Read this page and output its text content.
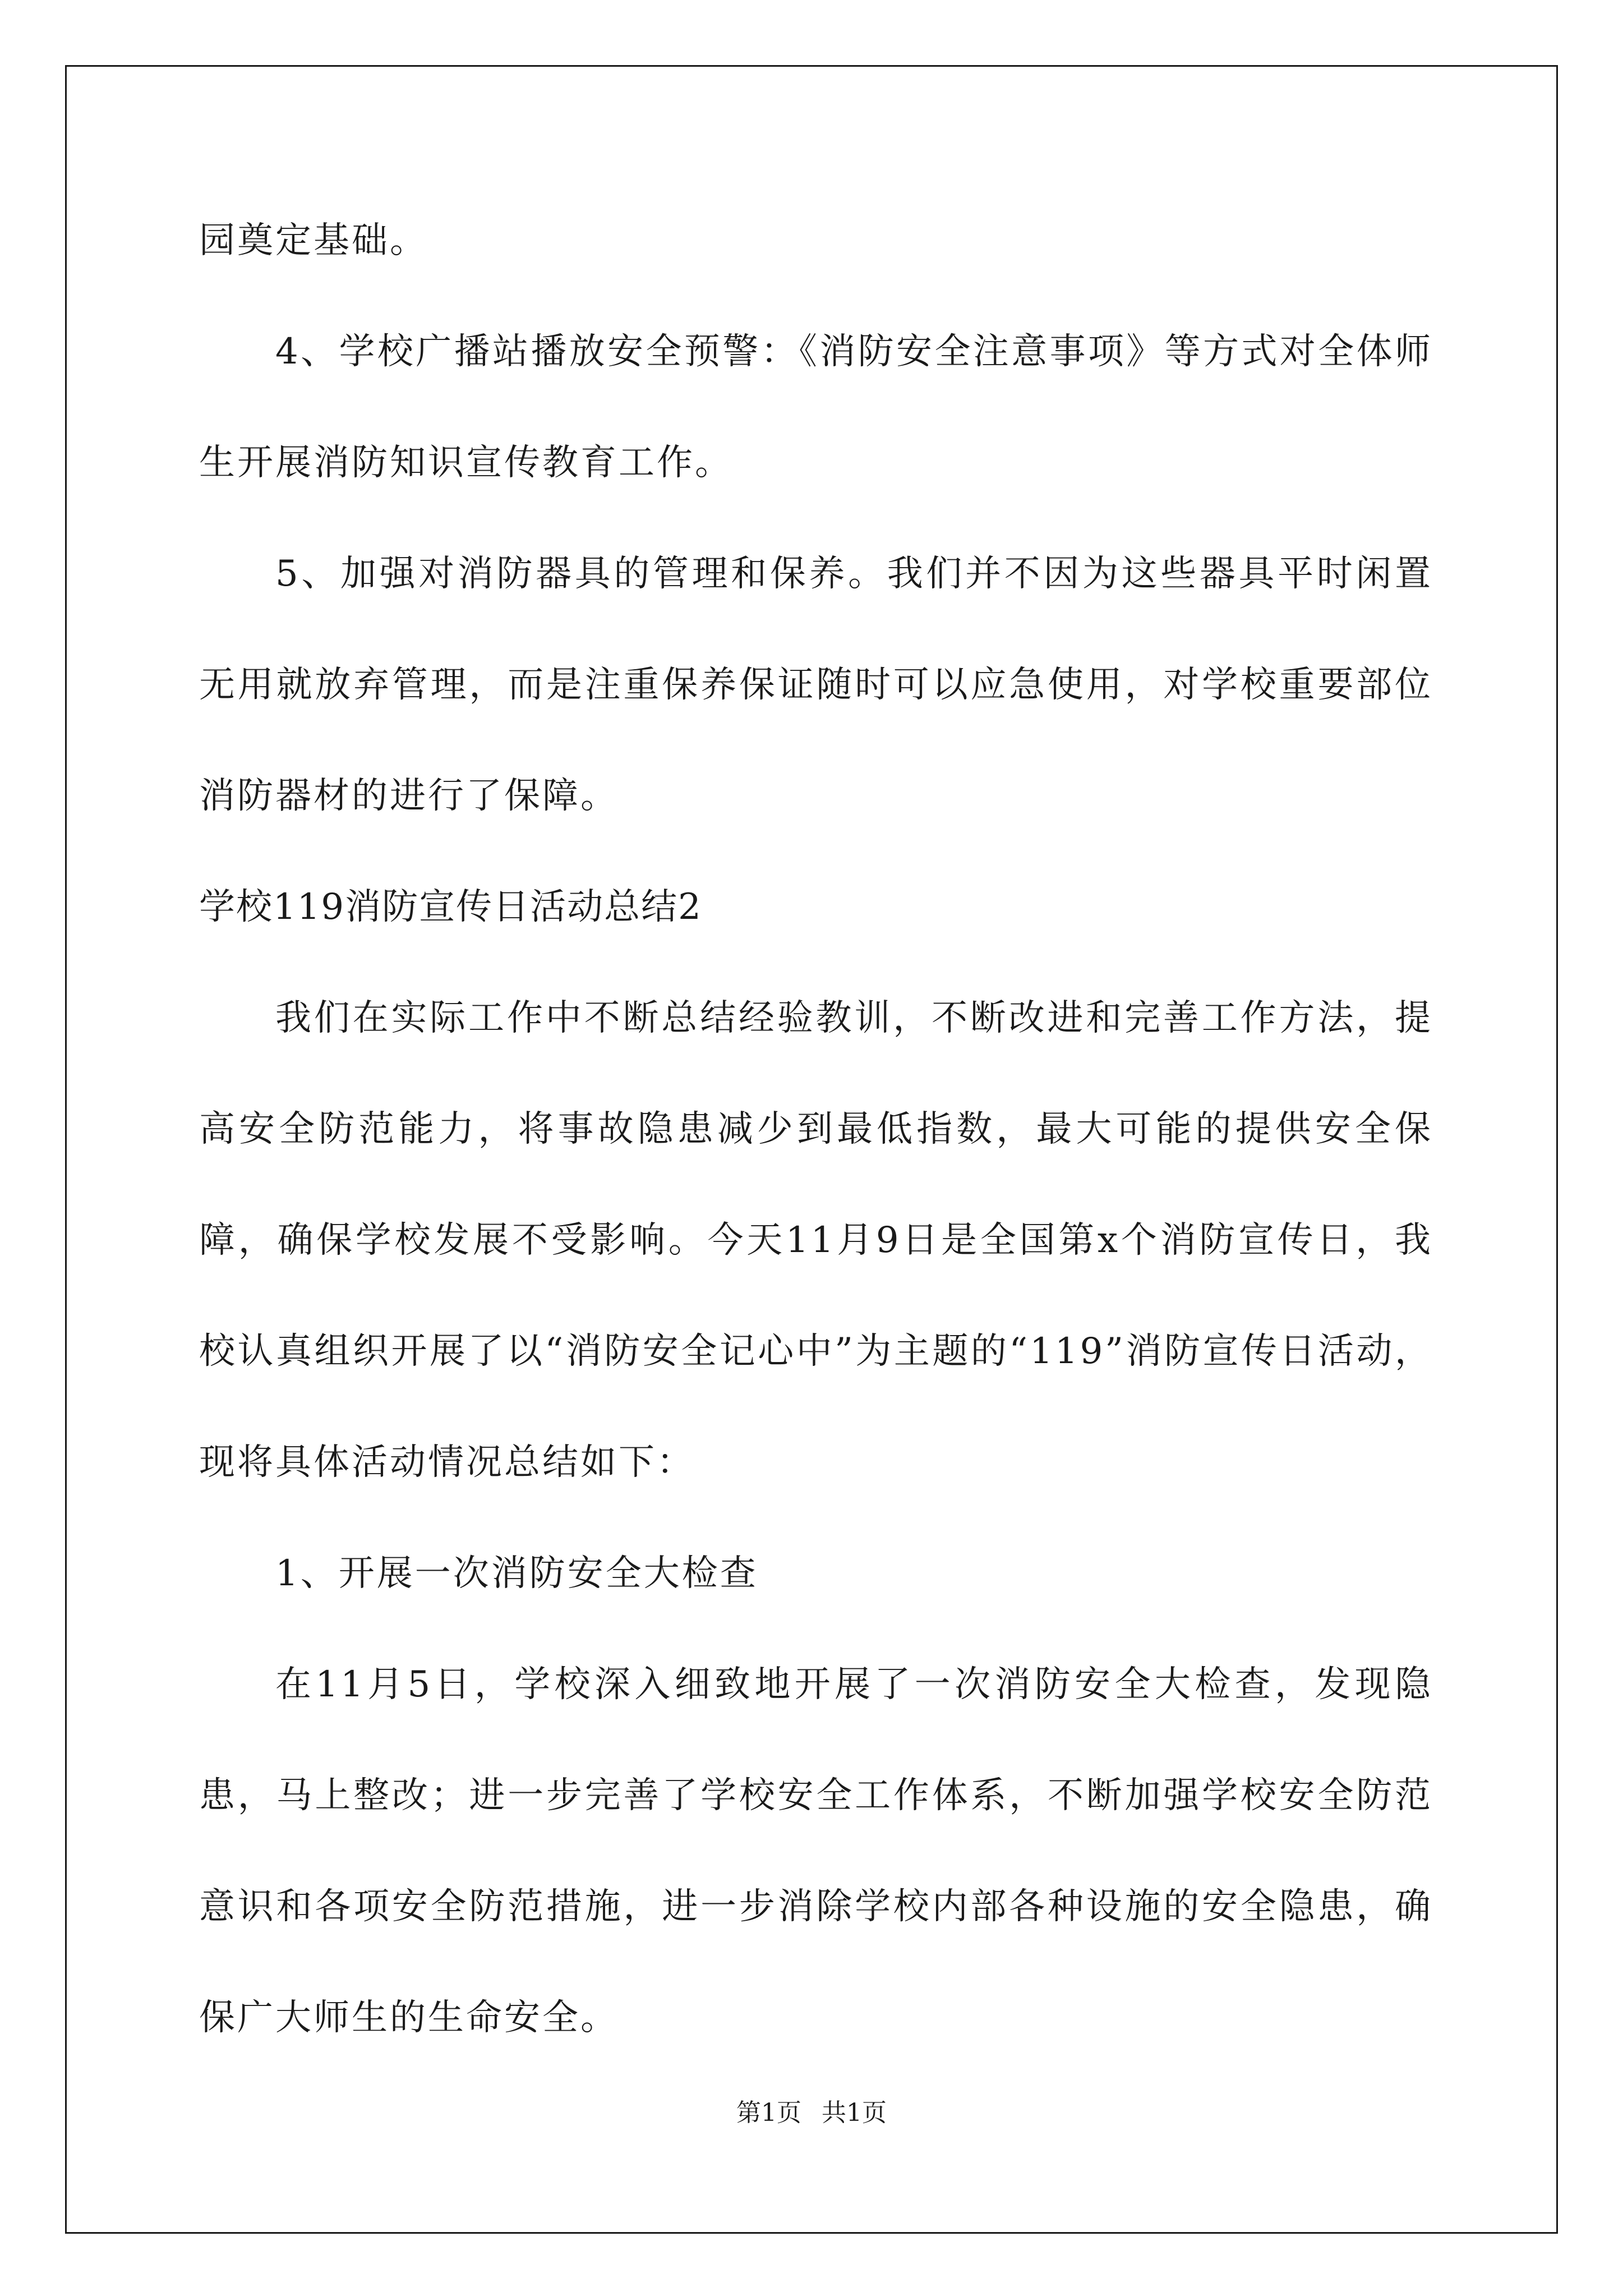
园奠定基础。

4、学校广播站播放安全预警：《消防安全注意事项》等方式对全体师生开展消防知识宣传教育工作。

5、加强对消防器具的管理和保养。我们并不因为这些器具平时闲置无用就放弃管理，而是注重保养保证随时可以应急使用，对学校重要部位消防器材的进行了保障。

学校119消防宣传日活动总结2

我们在实际工作中不断总结经验教训，不断改进和完善工作方法，提高安全防范能力，将事故隐患减少到最低指数，最大可能的提供安全保障，确保学校发展不受影响。今天11月9日是全国第x个消防宣传日，我校认真组织开展了以“消防安全记心中”为主题的“119”消防宣传日活动，现将具体活动情况总结如下：

1、开展一次消防安全大检查

在11月5日，学校深入细致地开展了一次消防安全大检查，发现隐患，马上整改；进一步完善了学校安全工作体系，不断加强学校安全防范意识和各项安全防范措施，进一步消除学校内部各种设施的安全隐患，确保广大师生的生命安全。

第1页 共1页
